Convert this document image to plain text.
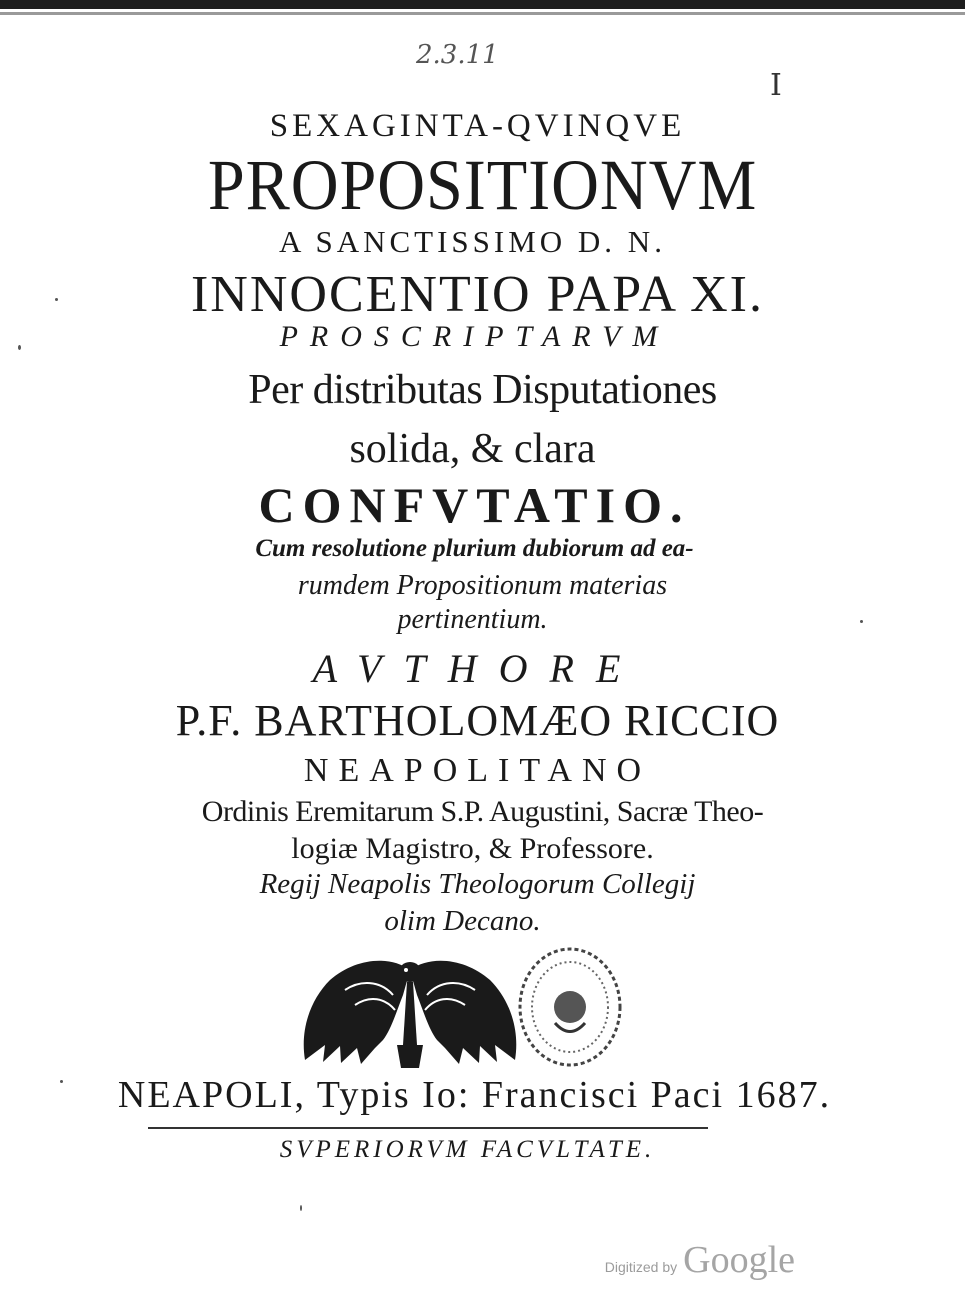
2.3.11
I
SEXAGINTA-QVINQVE
PROPOSITIONVM
A SANCTISSIMO D. N.
INNOCENTIO PAPA XI.
PROSCRIPTARVM
Per distributas Disputationes
solida, & clara
CONFVTATIO.
Cum resolutione plurium dubiorum ad ea-
rumdem Propositionum materias
pertinentium.
AVTHORE
P.F. BARTHOLOMÆO RICCIO
NEAPOLITANO
Ordinis Eremitarum S.P. Augustini, Sacræ Theo-
logiæ Magistro, & Professore.
Regij Neapolis Theologorum Collegij
olim Decano.
NEAPOLI, Typis Io: Francisci Paci 1687.
SVPERIORVM FACVLTATE.
Digitized by Google
